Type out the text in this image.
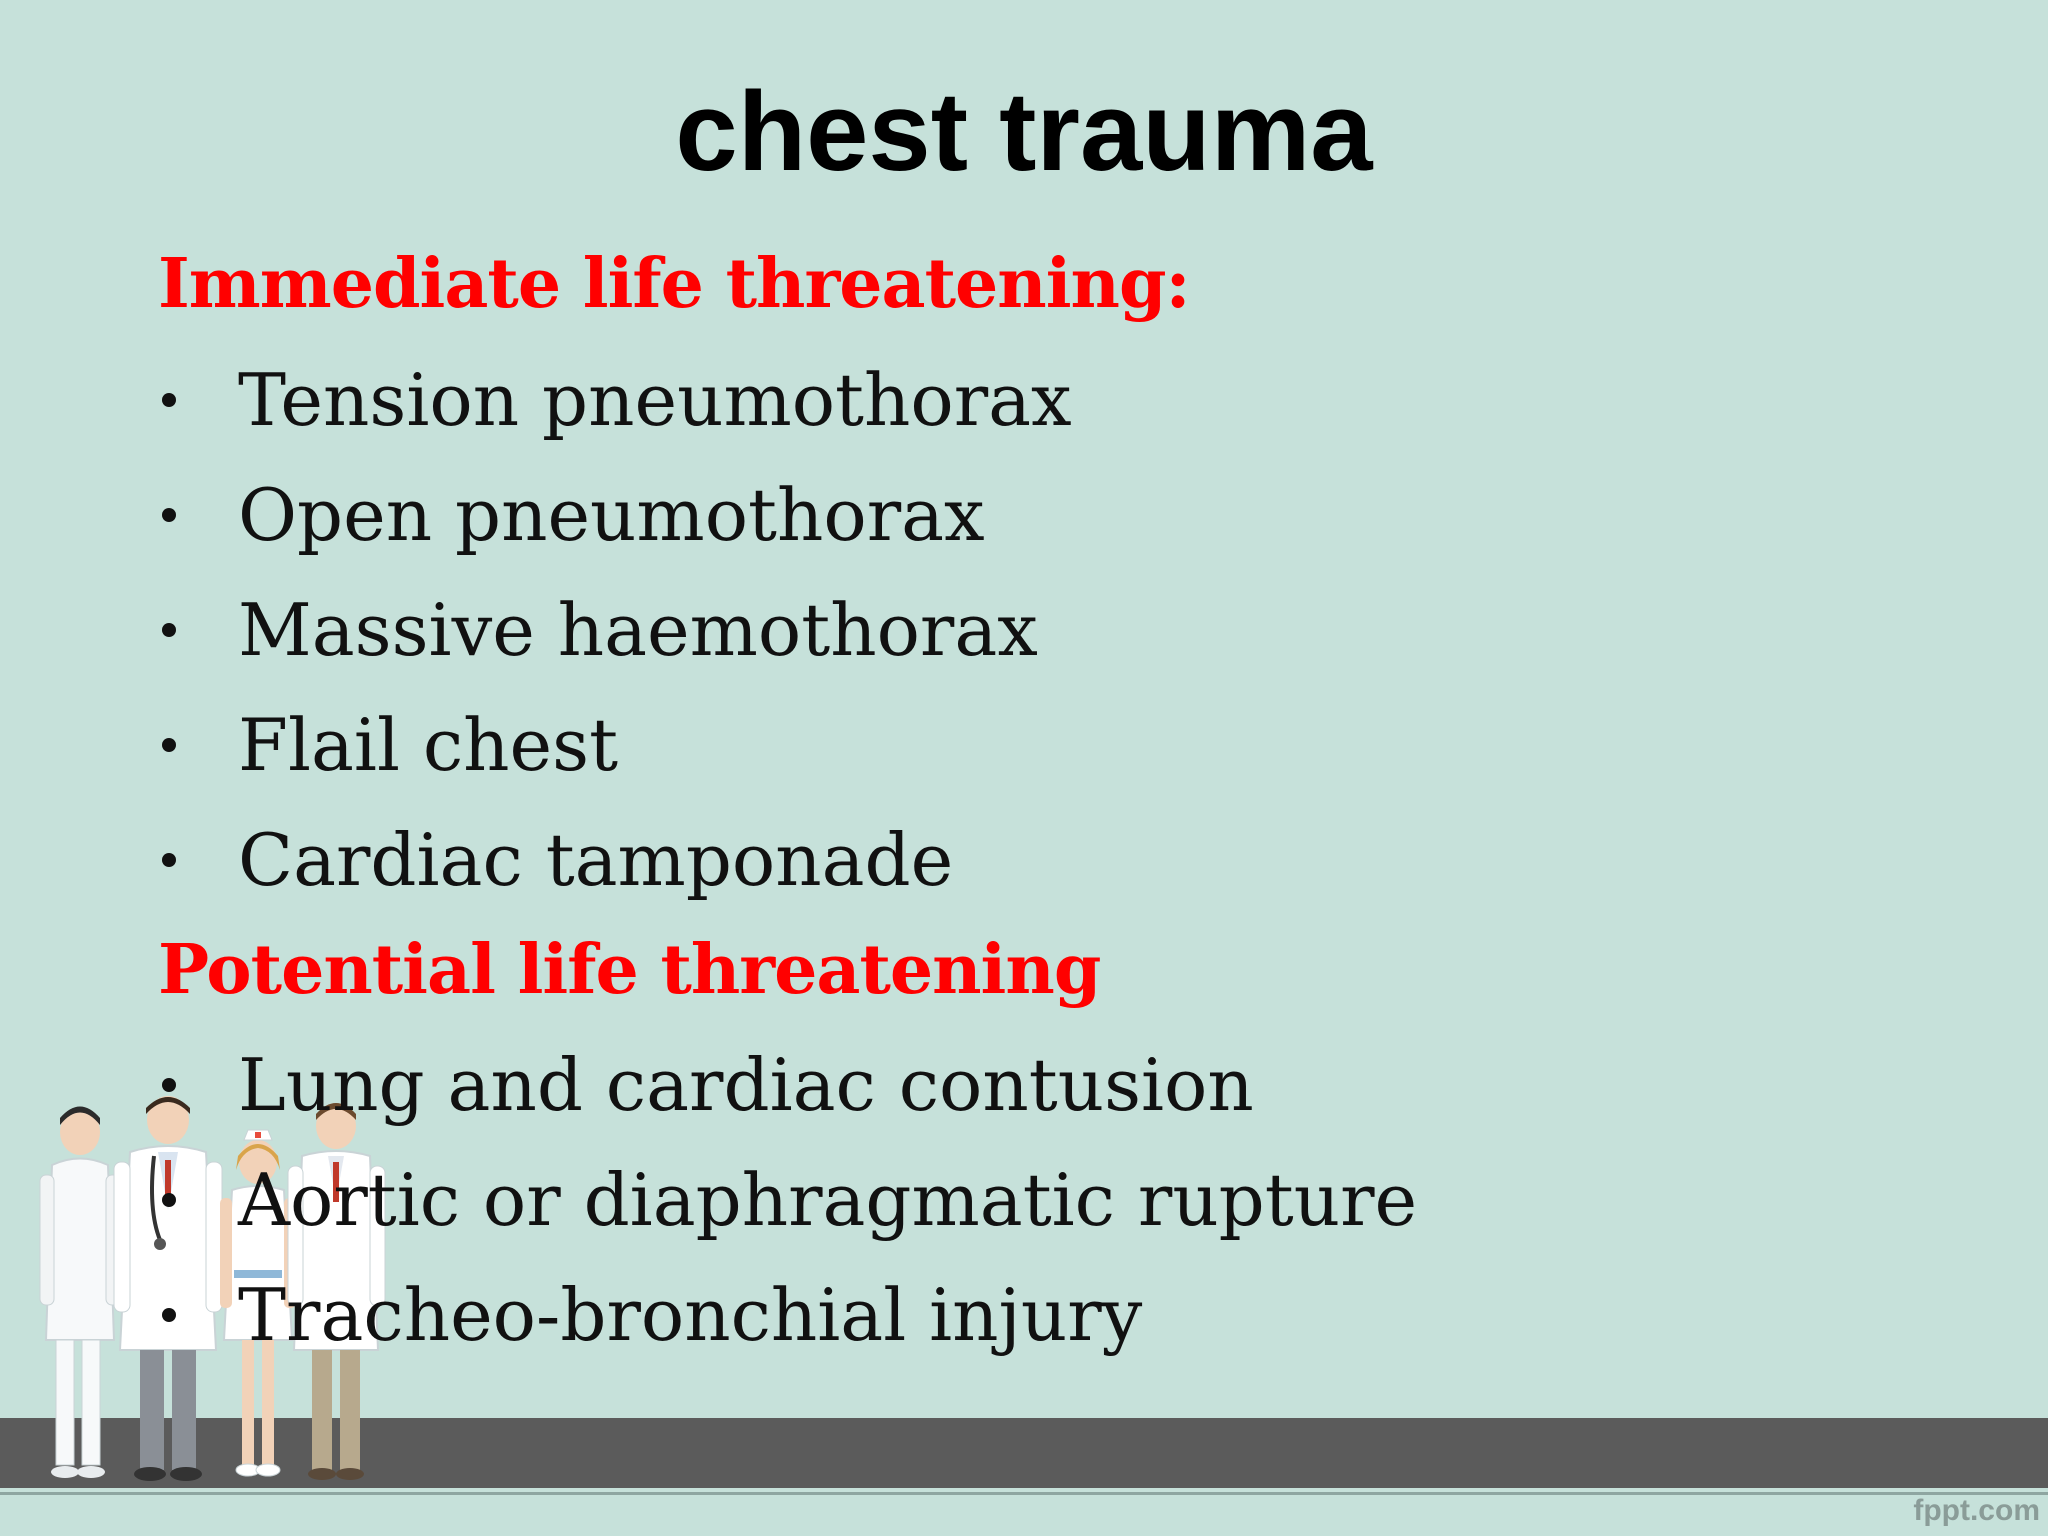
chest trauma
Immediate life threatening:
Tension pneumothorax
Open pneumothorax
Massive haemothorax
Flail chest
Cardiac tamponade
Potential life threatening
Lung and cardiac contusion
Aortic or diaphragmatic rupture
Tracheo-bronchial injury
fppt.com
